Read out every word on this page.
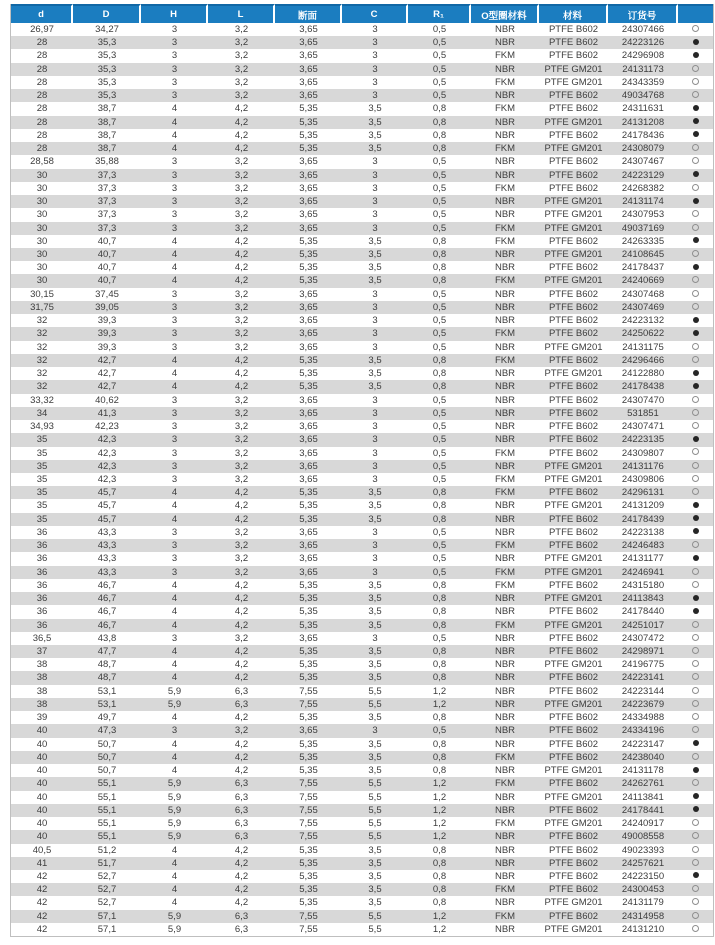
d	D	H	L	断面	C	R₁	O型圈材料	材料	订货号	
26,97	34,27	3	3,2	3,65	3	0,5	NBR	PTFE B602	24307466	
28	35,3	3	3,2	3,65	3	0,5	NBR	PTFE B602	24223126	
28	35,3	3	3,2	3,65	3	0,5	FKM	PTFE B602	24296908	
28	35,3	3	3,2	3,65	3	0,5	NBR	PTFE GM201	24131173	
28	35,3	3	3,2	3,65	3	0,5	FKM	PTFE GM201	24343359	
28	35,3	3	3,2	3,65	3	0,5	NBR	PTFE B602	49034768	
28	38,7	4	4,2	5,35	3,5	0,8	FKM	PTFE B602	24311631	
28	38,7	4	4,2	5,35	3,5	0,8	NBR	PTFE GM201	24131208	
28	38,7	4	4,2	5,35	3,5	0,8	NBR	PTFE B602	24178436	
28	38,7	4	4,2	5,35	3,5	0,8	FKM	PTFE GM201	24308079	
28,58	35,88	3	3,2	3,65	3	0,5	NBR	PTFE B602	24307467	
30	37,3	3	3,2	3,65	3	0,5	NBR	PTFE B602	24223129	
30	37,3	3	3,2	3,65	3	0,5	FKM	PTFE B602	24268382	
30	37,3	3	3,2	3,65	3	0,5	NBR	PTFE GM201	24131174	
30	37,3	3	3,2	3,65	3	0,5	NBR	PTFE GM201	24307953	
30	37,3	3	3,2	3,65	3	0,5	FKM	PTFE GM201	49037169	
30	40,7	4	4,2	5,35	3,5	0,8	FKM	PTFE B602	24263335	
30	40,7	4	4,2	5,35	3,5	0,8	NBR	PTFE GM201	24108645	
30	40,7	4	4,2	5,35	3,5	0,8	NBR	PTFE B602	24178437	
30	40,7	4	4,2	5,35	3,5	0,8	FKM	PTFE GM201	24240669	
30,15	37,45	3	3,2	3,65	3	0,5	NBR	PTFE B602	24307468	
31,75	39,05	3	3,2	3,65	3	0,5	NBR	PTFE B602	24307469	
32	39,3	3	3,2	3,65	3	0,5	NBR	PTFE B602	24223132	
32	39,3	3	3,2	3,65	3	0,5	FKM	PTFE B602	24250622	
32	39,3	3	3,2	3,65	3	0,5	NBR	PTFE GM201	24131175	
32	42,7	4	4,2	5,35	3,5	0,8	FKM	PTFE B602	24296466	
32	42,7	4	4,2	5,35	3,5	0,8	NBR	PTFE GM201	24122880	
32	42,7	4	4,2	5,35	3,5	0,8	NBR	PTFE B602	24178438	
33,32	40,62	3	3,2	3,65	3	0,5	NBR	PTFE B602	24307470	
34	41,3	3	3,2	3,65	3	0,5	NBR	PTFE B602	531851	
34,93	42,23	3	3,2	3,65	3	0,5	NBR	PTFE B602	24307471	
35	42,3	3	3,2	3,65	3	0,5	NBR	PTFE B602	24223135	
35	42,3	3	3,2	3,65	3	0,5	FKM	PTFE B602	24309807	
35	42,3	3	3,2	3,65	3	0,5	NBR	PTFE GM201	24131176	
35	42,3	3	3,2	3,65	3	0,5	FKM	PTFE GM201	24309806	
35	45,7	4	4,2	5,35	3,5	0,8	FKM	PTFE B602	24296131	
35	45,7	4	4,2	5,35	3,5	0,8	NBR	PTFE GM201	24131209	
35	45,7	4	4,2	5,35	3,5	0,8	NBR	PTFE B602	24178439	
36	43,3	3	3,2	3,65	3	0,5	NBR	PTFE B602	24223138	
36	43,3	3	3,2	3,65	3	0,5	FKM	PTFE B602	24246483	
36	43,3	3	3,2	3,65	3	0,5	NBR	PTFE GM201	24131177	
36	43,3	3	3,2	3,65	3	0,5	FKM	PTFE GM201	24246941	
36	46,7	4	4,2	5,35	3,5	0,8	FKM	PTFE B602	24315180	
36	46,7	4	4,2	5,35	3,5	0,8	NBR	PTFE GM201	24113843	
36	46,7	4	4,2	5,35	3,5	0,8	NBR	PTFE B602	24178440	
36	46,7	4	4,2	5,35	3,5	0,8	FKM	PTFE GM201	24251017	
36,5	43,8	3	3,2	3,65	3	0,5	NBR	PTFE B602	24307472	
37	47,7	4	4,2	5,35	3,5	0,8	NBR	PTFE B602	24298971	
38	48,7	4	4,2	5,35	3,5	0,8	NBR	PTFE GM201	24196775	
38	48,7	4	4,2	5,35	3,5	0,8	NBR	PTFE B602	24223141	
38	53,1	5,9	6,3	7,55	5,5	1,2	NBR	PTFE B602	24223144	
38	53,1	5,9	6,3	7,55	5,5	1,2	NBR	PTFE GM201	24223679	
39	49,7	4	4,2	5,35	3,5	0,8	NBR	PTFE B602	24334988	
40	47,3	3	3,2	3,65	3	0,5	NBR	PTFE B602	24334196	
40	50,7	4	4,2	5,35	3,5	0,8	NBR	PTFE B602	24223147	
40	50,7	4	4,2	5,35	3,5	0,8	FKM	PTFE B602	24238040	
40	50,7	4	4,2	5,35	3,5	0,8	NBR	PTFE GM201	24131178	
40	55,1	5,9	6,3	7,55	5,5	1,2	FKM	PTFE B602	24262761	
40	55,1	5,9	6,3	7,55	5,5	1,2	NBR	PTFE GM201	24113841	
40	55,1	5,9	6,3	7,55	5,5	1,2	NBR	PTFE B602	24178441	
40	55,1	5,9	6,3	7,55	5,5	1,2	FKM	PTFE GM201	24240917	
40	55,1	5,9	6,3	7,55	5,5	1,2	NBR	PTFE B602	49008558	
40,5	51,2	4	4,2	5,35	3,5	0,8	NBR	PTFE B602	49023393	
41	51,7	4	4,2	5,35	3,5	0,8	NBR	PTFE B602	24257621	
42	52,7	4	4,2	5,35	3,5	0,8	NBR	PTFE B602	24223150	
42	52,7	4	4,2	5,35	3,5	0,8	FKM	PTFE B602	24300453	
42	52,7	4	4,2	5,35	3,5	0,8	NBR	PTFE GM201	24131179	
42	57,1	5,9	6,3	7,55	5,5	1,2	FKM	PTFE B602	24314958	
42	57,1	5,9	6,3	7,55	5,5	1,2	NBR	PTFE GM201	24131210	
